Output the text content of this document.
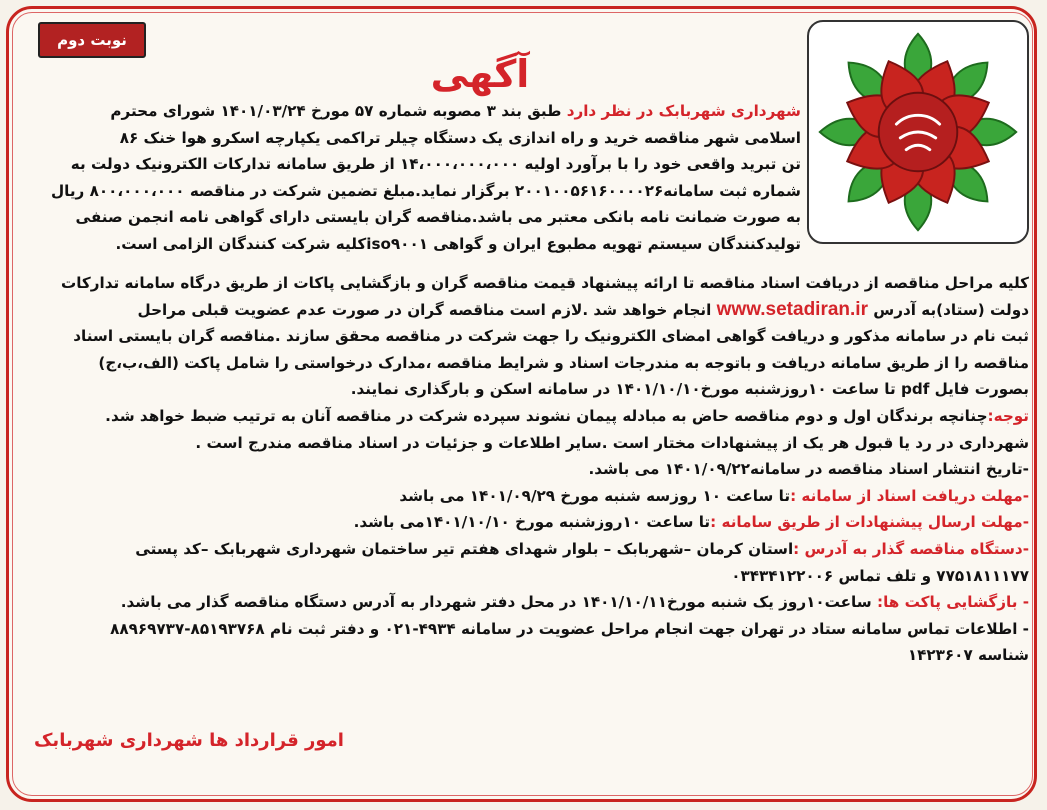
نوبت دوم
آگهی
شهرداری شهربابک در نظر دارد طبق بند ۳ مصوبه شماره ۵۷ مورخ ۱۴۰۱/۰۳/۲۴ شورای محترم
اسلامی شهر مناقصه خرید و راه اندازی یک دستگاه چیلر تراکمی یکپارچه اسکرو هوا خنک ۸۶
تن تبرید واقعی خود را با برآورد اولیه ۱۴،۰۰۰،۰۰۰،۰۰۰ از طریق سامانه تدارکات الکترونیک دولت به
شماره ثبت سامانه۲۰۰۱۰۰۵۶۱۶۰۰۰۰۲۶ برگزار نماید.مبلغ تضمین شرکت در مناقصه ۸۰۰،۰۰۰،۰۰۰ ریال
به صورت ضمانت نامه بانکی معتبر می باشد.مناقصه گران بایستی دارای گواهی نامه انجمن صنفی
تولیدکنندگان سیستم تهویه مطبوع ایران و گواهی iso۹۰۰۱کلیه شرکت کنندگان الزامی است.
کلیه مراحل مناقصه از دریافت اسناد مناقصه تا ارائه پیشنهاد قیمت مناقصه گران و بازگشایی پاکات از طریق درگاه سامانه تدارکات
دولت (ستاد)به آدرس www.setadiran.ir انجام خواهد شد .لازم است مناقصه گران در صورت عدم عضویت قبلی مراحل
ثبت نام در سامانه مذکور و دریافت گواهی امضای الکترونیک را جهت شرکت در مناقصه محقق سازند .مناقصه گران بایستی اسناد
مناقصه را از طریق سامانه دریافت و باتوجه به مندرجات اسناد و شرایط مناقصه ،مدارک درخواستی را شامل پاکت (الف،ب،ج)
بصورت فایل pdf تا ساعت ۱۰روزشنبه مورخ۱۴۰۱/۱۰/۱۰ در سامانه اسکن و بارگذاری نمایند.
توجه:چنانچه برندگان اول و دوم مناقصه حاض به مبادله پیمان نشوند سپرده شرکت در مناقصه آنان به ترتیب ضبط خواهد شد.
شهرداری در رد یا قبول هر یک از پیشنهادات مختار است .سایر اطلاعات و جزئیات در اسناد مناقصه مندرج است .
-تاریخ انتشار اسناد مناقصه در سامانه۱۴۰۱/۰۹/۲۲ می باشد.
-مهلت دریافت اسناد از سامانه :تا ساعت ۱۰ روزسه شنبه مورخ ۱۴۰۱/۰۹/۲۹ می باشد
-مهلت ارسال پیشنهادات از طریق سامانه :تا ساعت ۱۰روزشنبه مورخ ۱۴۰۱/۱۰/۱۰می باشد.
-دستگاه مناقصه گذار به آدرس :استان کرمان –شهربابک – بلوار شهدای هفتم تیر ساختمان شهرداری شهربابک –کد پستی
۷۷۵۱۸۱۱۱۷۷ و تلف تماس ۰۳۴۳۴۱۲۲۰۰۶
- بازگشایی پاکت ها: ساعت۱۰روز یک شنبه مورخ۱۴۰۱/۱۰/۱۱ در محل دفتر شهردار به آدرس دستگاه مناقصه گذار می باشد.
- اطلاعات تماس سامانه ستاد در تهران جهت انجام مراحل عضویت در سامانه ۴۹۳۴-۰۲۱ و دفتر ثبت نام ۸۵۱۹۳۷۶۸-۸۸۹۶۹۷۳۷
شناسه ۱۴۲۳۶۰۷
امور قرارداد ها شهرداری شهربابک
